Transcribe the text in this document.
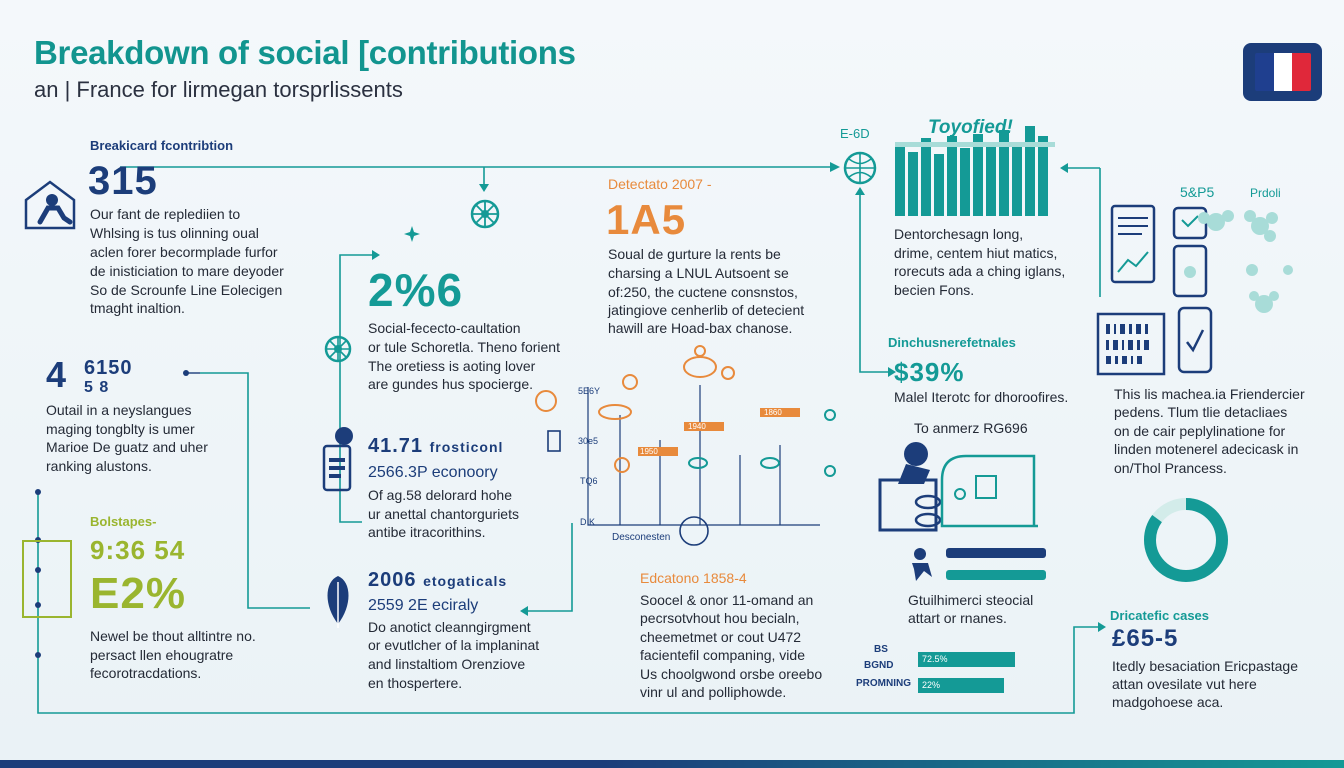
Breakdown of social [contributions
an | France for lirmegan torsprlissents
Breakicard fcontribtion
315
Our fant de replediien to
Whlsing is tus olinning oual
aclen forer becormplade furfor
de inisticiation to mare deyoder
So de Scrounfe Line Eolecigen
tmaght inaltion.
4 6150
5 8
Outail in a neyslangues
maging tongblty is umer
Marioe De guatz and uher
ranking alustons.
Bolstapes-
9:36 54
E2%
Newel be thout alltintre no.
persact llen ehougratre
fecorotracdations.
2%6
Social-fececto-caultation
or tule Schoretla. Theno forient
The oretiess is aoting lover
are gundes hus spocierge.
41.71 frosticonl
2566.3P econoory
Of ag.58 delorard hohe
ur anettal chantorguriets
antibe itracorithins.
2006 etogaticals
2559 2E eciraly
Do anotict cleanngirgment
or evutlcher of la implaninat
and linstaltiom Orenziove
en thospertere.
Detectato 2007 -
1A5
Soual de gurture la rents be
charsing a LNUL Autsoent se
of:250, the cuctene consnstos,
jatingiove cenherlib of detecient
hawill are Hoad-bax chanose.
5E6Y
30e5
TQ6
D K
1940
1950
1860
Desconesten
Edcatono 1858-4
Soocel & onor 11-omand an
pecrsotvhout hou becialn,
cheemetmet or cout U472
facientefil companing, vide
Us choolgwond orsbe oreebo
vinr ul and polliphowde.
E-6D	Toyofied!
Dentorchesagn long,
drime, centem hiut matics,
rorecuts ada a ching iglans,
becien Fons.
Dinchusnerefetnales
$39%
Malel Iterotc for dhoroofires.
To anmerz RG696
Gtuilhimerci steocial
attart or rnanes.
BS
BGND
PROMNING
72.5%
22%
5&P5	Prdoli
This lis machea.ia Friendercier
pedens. Tlum tlie detacliaes
on de cair peplylinatione for
linden motenerel adecicask in
on/Thol Prancess.
Dricatefic cases
£65-5
Itedly besaciation Ericpastage
attan ovesilate vut here
madgohoese aca.
